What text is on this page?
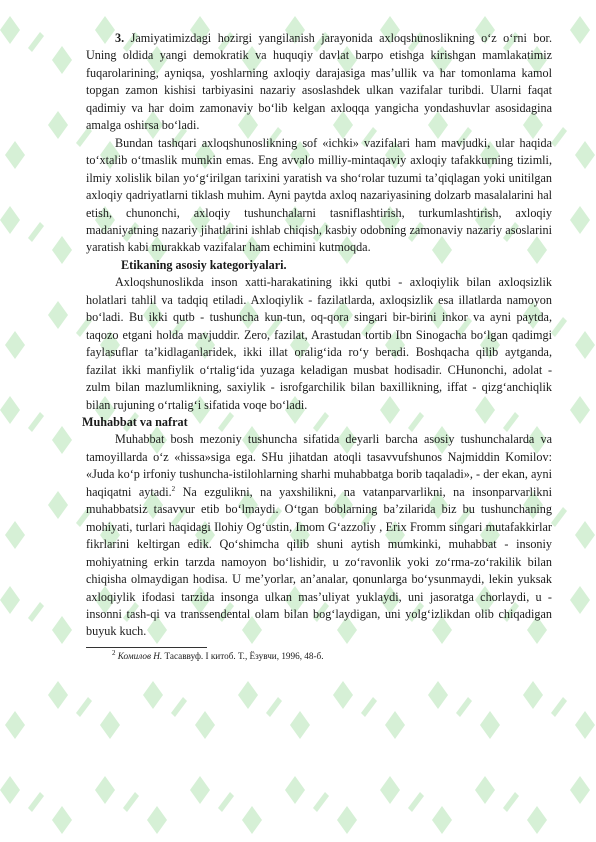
3. Jamiyatimizdagi hozirgi yangilanish jarayonida axloqshunoslikning o‘z o‘rni bor. Uning oldida yangi demokratik va huquqiy davlat barpo etishga kirishgan mamlakatimiz fuqarolarining, ayniqsa, yoshlarning axloqiy darajasiga mas’ullik va har tomonlama kamol topgan zamon kishisi tarbiyasini nazariy asoslashdek ulkan vazifalar turibdi. Ularni faqat qadimiy va har doim zamonaviy bo‘lib kelgan axloqqa yangicha yondashuvlar asosidagina amalga oshirsa bo‘ladi.

Bundan tashqari axloqshunoslikning sof «ichki» vazifalari ham mavjudki, ular haqida to‘xtalib o‘tmaslik mumkin emas. Eng avvalo milliy-mintaqaviy axloqiy tafakkurning tizimli, ilmiy xolislik bilan yo‘g‘irilgan tarixini yaratish va sho‘rolar tuzumi ta’qiqlagan yoki unitilgan axloqiy qadriyatlarni tiklash muhim. Ayni paytda axloq nazariyasining dolzarb masalalarini hal etish, chunonchi, axloqiy tushunchalarni tasniflashtirish, turkumlashtirish, axloqiy madaniyatning nazariy jihatlarini ishlab chiqish, kasbiy odobning zamonaviy nazariy asoslarini yaratish kabi murakkab vazifalar ham echimini kutmoqda.

Etikaning asosiy kategoriyalari.

Axloqshunoslikda inson xatti-harakatining ikki qutbi - axloqiylik bilan axloqsizlik holatlari tahlil va tadqiq etiladi. Axloqiylik - fazilatlarda, axloqsizlik esa illatlarda namoyon bo‘ladi. Bu ikki qutb - tushuncha kun-tun, oq-qora singari bir-birini inkor va ayni paytda, taqozo etgani holda mavjuddir. Zero, fazilat, Arastudan tortib Ibn Sinogacha bo‘lgan qadimgi faylasuflar ta’kidlaganlaridek, ikki illat oralig‘ida ro‘y beradi. Boshqacha qilib aytganda, fazilat ikki manfiylik o‘rtalig‘ida yuzaga keladigan musbat hodisadir. CHunonchi, adolat - zulm bilan mazlumlikning, saxiylik - isrofgarchilik bilan baxillikning, iffat - qizg‘anchiqlik bilan rujuning o‘rtalig‘i sifatida voqe bo‘ladi.

Muhabbat va nafrat

Muhabbat bosh mezoniy tushuncha sifatida deyarli barcha asosiy tushunchalarda va tamoyillarda o‘z «hissa»siga ega. SHu jihatdan atoqli tasavvufshunos Najmiddin Komilov: «Juda ko‘p irfoniy tushuncha-istilohlarning sharhi muhabbatga borib taqaladi», - der ekan, ayni haqiqatni aytadi.$^2$ Na ezgulikni, na yaxshilikni, na vatanparvarlikni, na insonparvarlikni muhabbatsiz tasavvur etib bo‘lmaydi. O‘tgan boblarning ba’zilarida biz bu tushunchaning mohiyati, turlari haqidagi Ilohiy Og‘ustin, Imom G‘azzoliy , Erix Fromm singari mutafakkirlar fikrlarini keltirgan edik. Qo‘shimcha qilib shuni aytish mumkinki, muhabbat - insoniy mohiyatning erkin tarzda namoyon bo‘lishidir, u zo‘ravonlik yoki zo‘rma-zo‘rakilik bilan chiqisha olmaydigan hodisa. U me’yorlar, an’analar, qonunlarga bo‘ysunmaydi, lekin yuksak axloqiylik ifodasi tarzida insonga ulkan mas’uliyat yuklaydi, uni jasoratga chorlaydi, u - insonni tash-qi va transsendental olam bilan bog‘laydigan, uni yolg‘izlikdan olib chiqadigan buyuk kuch.

$^2$ Комилов Н. Тасаввуф. I китоб. Т., Ёзувчи, 1996, 48-б.
